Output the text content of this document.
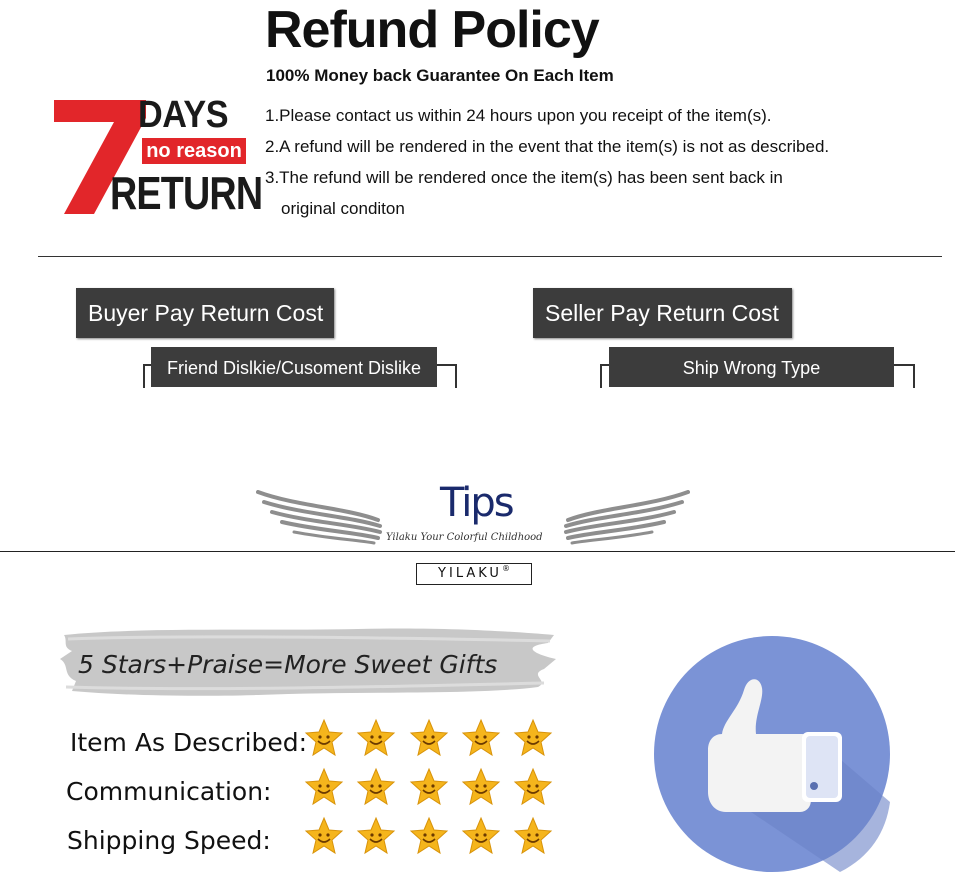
DAYS
no reason
RETURN
Refund Policy
100% Money back Guarantee On Each Item
1.Please contact us within 24 hours upon you receipt of the item(s).
2.A refund will be rendered in the event that the item(s) is not as described.
3.The refund will be rendered once the item(s) has been sent back in
original conditon
Buyer Pay Return Cost
Friend Dislkie/Cusoment Dislike
Seller Pay Return Cost
Ship Wrong Type
Tips
Yilaku Your Colorful Childhood
YILAKU®
5 Stars+Praise=More Sweet Gifts
Item As Described:
Communication:
Shipping Speed:
